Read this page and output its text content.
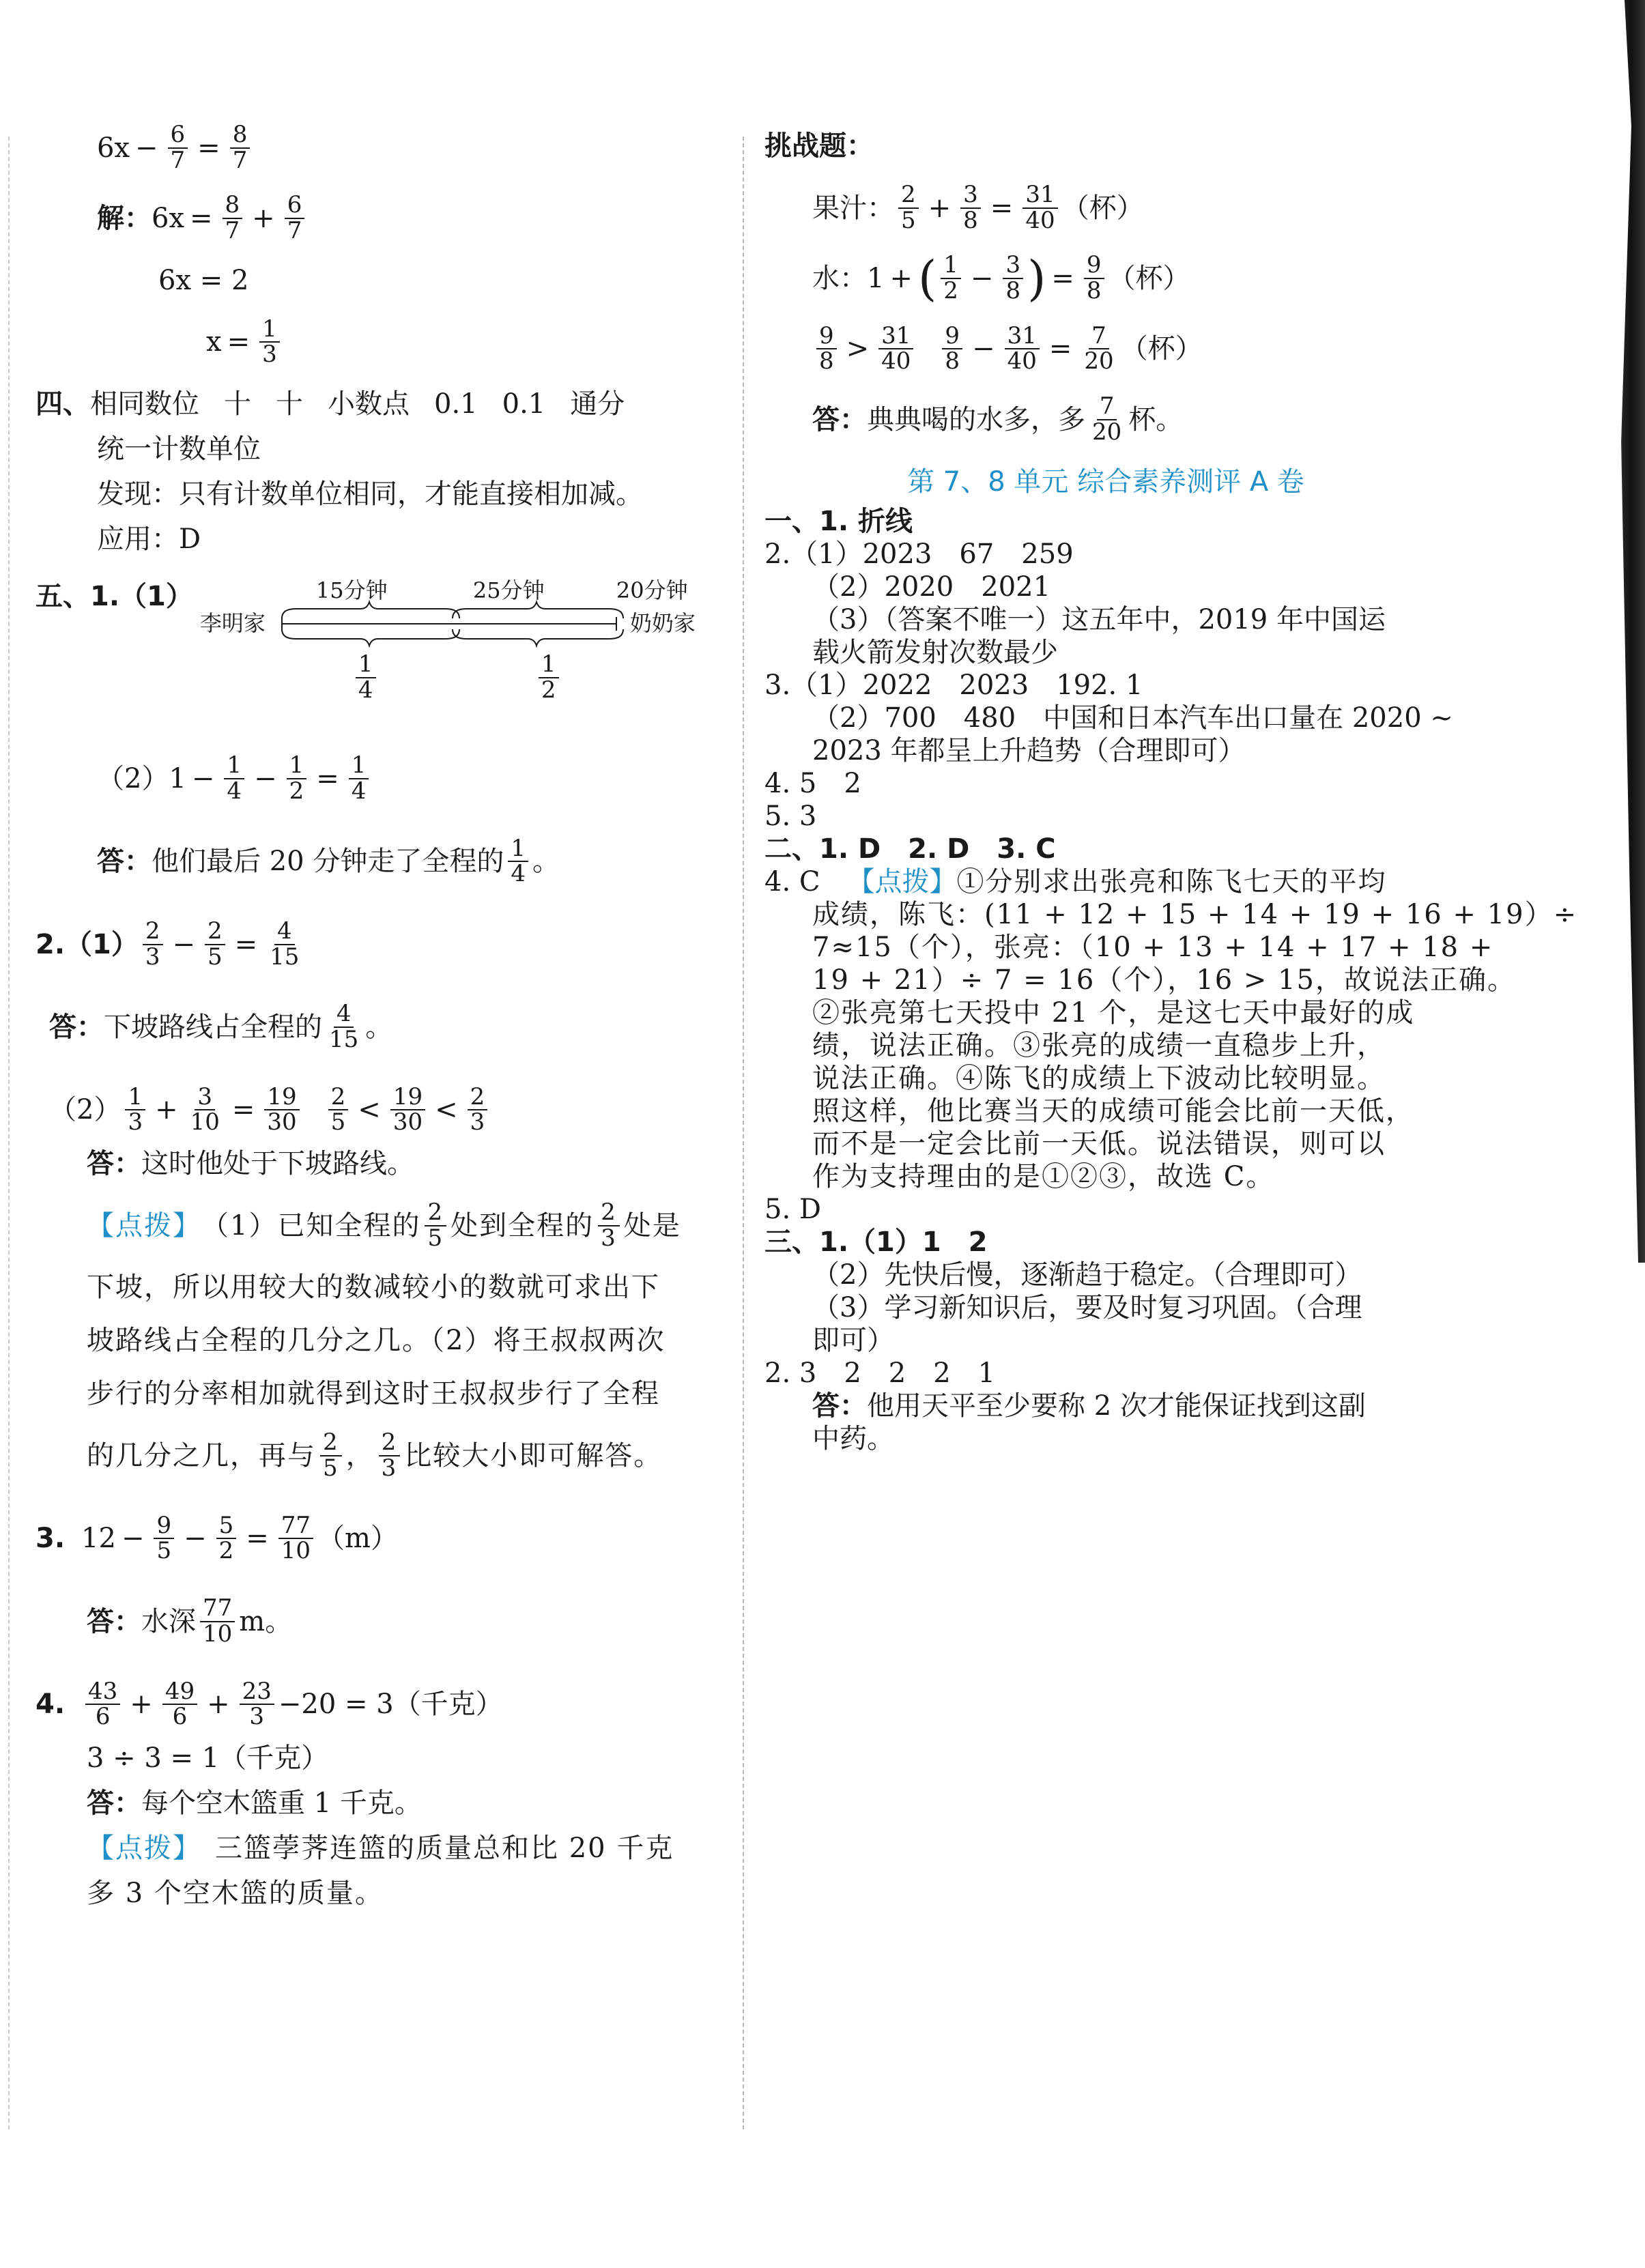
$6x - \frac{6}{7} = \frac{8}{7}$
解： $6x = \frac{8}{7} + \frac{6}{7}$
6x = 2
$x = \frac{1}{3}$
四、 相同数位 十 十 小数点 0.1 0.1 通分
统一计数单位
发现：只有计数单位相同，才能直接相加减。
应用：D
五、1.（1）	15分钟	25分钟	20分钟
李明家	奶奶家
$\frac{1}{4}$	$\frac{1}{2}$
（2） $1 - \frac{1}{4} - \frac{1}{2} = \frac{1}{4}$
答： 他们最后 20 分钟走了全程的 $\frac{1}{4}$ 。
$2.(1) \frac{2}{3} - \frac{2}{5} = \frac{4}{15}$
答： 下坡路线占全程的 $\frac{4}{15}$ 。
$(2) \frac{1}{3} + \frac{3}{10} = \frac{19}{30} \frac{2}{5} < \frac{19}{30} < \frac{2}{3}$
答： 这时他处于下坡路线。
【点拨】 （1）已知全程的 $\frac{2}{5}$ 处到全程的 $\frac{2}{3}$ 处是
下坡，所以用较大的数减较小的数就可求出下
坡路线占全程的几分之几。（2）将王叔叔两次
步行的分率相加就得到这时王叔叔步行了全程
的几分之几，再与 $\frac{2}{5}$ ， $\frac{2}{3}$ 比较大小即可解答。
3. $12 - \frac{9}{5} - \frac{5}{2} = \frac{77}{10} (m)$
答： 水深 $\frac{77}{10}$ m。
4. $\frac{43}{6} + \frac{49}{6} + \frac{23}{3} -20 = 3$（千克）
3 ÷ 3 = 1（千克）
答： 每个空木篮重 1 千克。
【点拨】 三篮荸荠连篮的质量总和比 20 千克
多 3 个空木篮的质量。
挑战题：
果汁： $\frac{2}{5} + \frac{3}{8} = \frac{31}{40}$ （杯）
水： 1 + ( $\frac{1}{2} - \frac{3}{8}$ ) = $\frac{9}{8}$ （杯）
$\frac{9}{8} > \frac{31}{40} \frac{9}{8} - \frac{31}{40} = \frac{7}{20}$ （杯）
答： 典典喝的水多，多 $\frac{7}{20}$ 杯。
第 7、8 单元 综合素养测评 A 卷
一、1. 折线
2.（1）2023　67　259
（2）2020　2021
（3）（答案不唯一）这五年中，2019 年中国运
载火箭发射次数最少
3.（1）2022　2023　192. 1
（2）700　480　中国和日本汽车出口量在 2020 ~
2023 年都呈上升趋势（合理即可）
4. 5　2
5. 3
二、1. D　2. D　3. C
4. C 【点拨】 ①分别求出张亮和陈飞七天的平均
成绩，陈飞：(11 + 12 + 15 + 14 + 19 + 16 + 19）÷
7≈15（个），张亮：（10 + 13 + 14 + 17 + 18 +
19 + 21）÷ 7 = 16（个），16 > 15，故说法正确。
②张亮第七天投中 21 个，是这七天中最好的成
绩，说法正确。③张亮的成绩一直稳步上升，
说法正确。④陈飞的成绩上下波动比较明显。
照这样，他比赛当天的成绩可能会比前一天低，
而不是一定会比前一天低。说法错误，则可以
作为支持理由的是①②③，故选 C。
5. D
三、1.（1）1　2
（2）先快后慢，逐渐趋于稳定。（合理即可）
（3）学习新知识后，要及时复习巩固。（合理
即可）
2. 3　2　2　2　1
答： 他用天平至少要称 2 次才能保证找到这副
中药。
